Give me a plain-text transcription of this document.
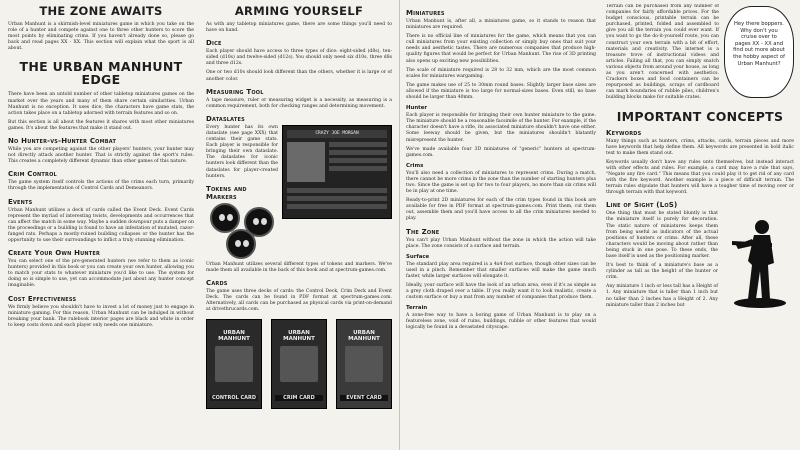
THE ZONE AWAITS

Urban Manhunt is a skirmish-level miniatures game in which you take on the role of a hunter and compete against one to three other hunters to score the most points by eliminating crims. If you haven't already done so, please go back and read pages XX - XX. This section will explain what the sport is all about.

THE URBAN MANHUNT EDGE

There have been an untold number of other tabletop miniatures games on the market over the years and many of them share certain similarities. Urban Manhunt is no exception. It uses dice, the characters have game stats, the action takes place on a tabletop adorned with terrain features and so on.

But this section is all about the features it shares with most other miniatures games. It's about the features that make it stand out.

No Hunter-vs-Hunter Combat

While you are competing against the other players' hunters, your hunter may not directly attack another hunter. That is strictly against the sport's rules. This creates a completely different dynamic than other games of this nature.

Crim Control

The game system itself controls the actions of the crims each turn, primarily through the implementation of Control Cards and Demeanors.

Events

Urban Manhunt utilizes a deck of cards called the Event Deck. Event Cards represent the myriad of interesting twists, developments and occurrences that can affect the match in some way. Maybe a sudden downpour puts a damper on the proceedings or a building is found to have an infestation of mutated, razor-fanged rats. Perhaps a mostly-ruined building collapses or the hunter has the opportunity to use their surroundings to inflict a truly stunning elimination.

Create Your Own Hunter

You can select one of the pre-generated hunters (we refer to them as iconic hunters) provided in this book or you can create your own hunter, allowing you to match your stats to whatever miniature you'd like to use. The system for doing so is simple to use, yet can accommodate just about any hunter concept imaginable.

Cost Effectiveness

We firmly believe you shouldn't have to invest a lot of money just to engage in miniature gaming. For this reason, Urban Manhunt can be indulged in without breaking your bank. The rulebook interior pages are black and white in order to keep costs down and each player only needs one miniature.

ARMING YOURSELF

As with any tabletop miniatures game, there are some things you'll need to have on hand.

Dice

Each player should have access to three types of dice: eight-sided (d8s), ten-sided (d10s) and twelve-sided (d12s). You should only need six d10s, three d8s and three d12s.

One or two d10s should look different than the others, whether it is large or of another color.

Measuring Tool

A tape measure, ruler or measuring widget is a necessity, as measuring is a common requirement, both for checking ranges and determining movement.

Dataslates
CRAZY JOE MORGAN

Every hunter has its own dataslate (see page XXX) that contains their game stats. Each player is responsible for bringing their own dataslate. The dataslates for iconic hunters look different than the dataslates for player-created hunters.

Tokens and Markers

Urban Manhunt utilizes several different types of tokens and markers. We've made them all available in the back of this book and at spectrum-games.com.

Cards

The game uses three decks of cards: the Control Deck, Crim Deck and Event Deck. The cards can be found in PDF format at spectrum-games.com. Alternatively, all cards can be purchased as physical cards via print-on-demand at drivethrucards.com.

URBAN MANHUNT
CONTROL CARD
URBAN MANHUNT
CRIM CARD
URBAN MANHUNT
EVENT CARD
Miniatures

Urban Manhunt is, after all, a miniatures game, so it stands to reason that miniatures are required.

There is no official line of miniatures for the game, which means that you can cull miniatures from your existing collection or simply buy ones that suit your needs and aesthetic tastes. There are numerous companies that produce high-quality figures that would be perfect for Urban Manhunt. The rise of 3D printing also opens up exciting new possibilities.

The scale of miniature required is 28 to 32 mm, which are the most common scales for miniatures wargaming.

The game makes use of 25 to 30mm round bases. Slightly larger base sizes are allowed if the miniature is too large for normal-sizes bases. Even still, no base should be larger than 40mm.

Hunter

Each player is responsible for bringing their own hunter miniature to the game. The miniature should be a reasonable facsimile of the hunter. For example, if the character doesn't have a rifle, its associated miniature shouldn't have one either. Some leeway should be given, but the miniatures shouldn't blatantly misrepresent the hunter.

We've made available four 3D miniatures of "generic" hunters at spectrum-games.com.

Crims

You'll also need a collection of miniatures to represent crims. During a match, there cannot be more crims in the zone than the number of starting hunters plus two. Since the game is set up for two to four players, no more than six crims will be in play at one time.

Ready-to-print 2D miniatures for each of the crim types found in this book are available for free in PDF format at spectrum-games.com. Print them, cut them out, assemble them and you'll have access to all the crim miniatures needed to play.

The Zone

You can't play Urban Manhunt without the zone in which the action will take place. The zone consists of a surface and terrain.

Surface

The standard play area required is a 4x4 foot surface, though other sizes can be used in a pinch. Remember that smaller surfaces will make the game much faster, while larger surfaces will elongate it.

Ideally, your surface will have the look of an urban area, even if it's as simple as a grey cloth draped over a table. If you really want it to look realistic, create a custom surface or buy a mat from any number of companies that produce them.

Terrain

A zone-free way to have a boring game of Urban Manhunt is to play on a featureless zone, void of ruins, buildings, rubble or other features that would logically be found in a devastated cityscape.

Hey there boppers. Why don't you cruise over to pages XX - XX and find out more about the hobby aspect of Urban Manhunt?

Terrain can be purchased from any number of companies for fairly affordable prices. For the budget conscious, printable terrain can be purchased, printed, folded and assembled to give you all the terrain you could ever want. If you want to go the do-it-yourself route, you can construct your own terrain with a bit of effort, materials and creativity. The internet is a treasure trove of instructional videos and articles. Failing all that, you can simply snatch various objects from around your house, as long as you aren't concerned with aesthetics. Crackers boxes and food containers can be repurposed as buildings, scraps of cardboard can mark boundaries of rubble piles, children's building blocks make for suitable crates.

IMPORTANT CONCEPTS
Keywords

Many things such as hunters, crims, attacks, cards, terrain pieces and more have keywords that help define them. All keywords are presented in bold italic text to make them stand out.

Keywords usually don't have any rules unto themselves, but instead interact with other effects and rules. For example, a card may have a rule that says, "Negate any fire card." This means that you could play it to get rid of any card with the fire keyword. Another example is a piece of difficult terrain. The terrain rules stipulate that hunters will have a tougher time of moving over or through terrain with that keyword.

Line of Sight (LoS)

One thing that must be stated bluntly is that the miniature itself is purely for decoration. The static nature of miniatures keeps them from being useful as indicators of the actual positions of hunters or crims. After all, these characters would be moving about rather than being stuck in one pose. To these ends, the base itself is used as the positioning marker.

It's best to think of a miniature's base as a cylinder as tall as the height of the hunter or crim.

Any miniature 1 inch or less tall has a Height of 1. Any miniature that is taller than 1 inch but no taller than 2 inches has a Height of 2. Any miniature taller than 2 inches but
